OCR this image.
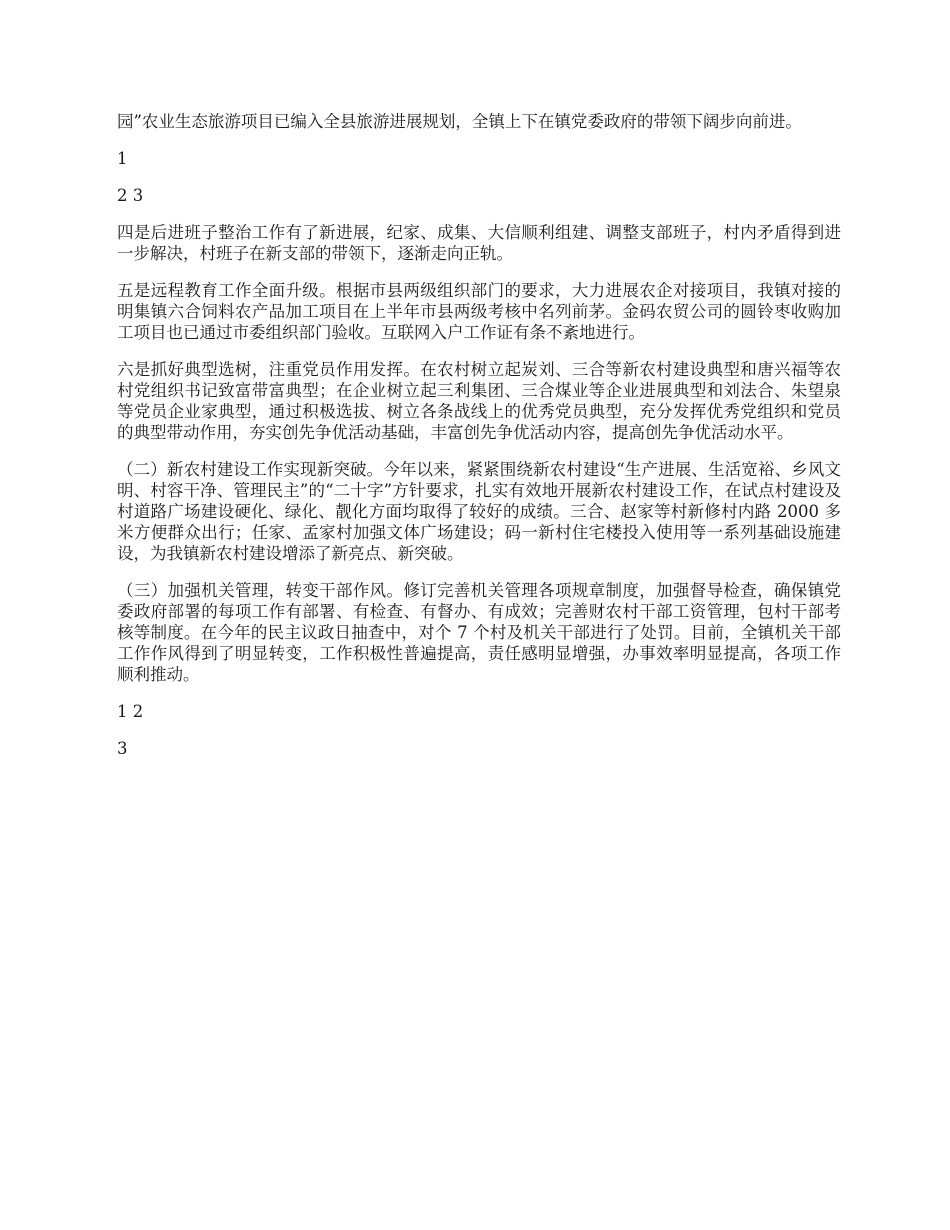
园”农业生态旅游项目已编入全县旅游进展规划，全镇上下在镇党委政府的带领下阔步向前进。

1

2 3

四是后进班子整治工作有了新进展，纪家、成集、大信顺利组建、调整支部班子，村内矛盾得到进一步解决，村班子在新支部的带领下，逐渐走向正轨。

五是远程教育工作全面升级。根据市县两级组织部门的要求，大力进展农企对接项目，我镇对接的明集镇六合饲料农产品加工项目在上半年市县两级考核中名列前茅。金码农贸公司的圆铃枣收购加工项目也已通过市委组织部门验收。互联网入户工作证有条不紊地进行。

六是抓好典型选树，注重党员作用发挥。在农村树立起炭刘、三合等新农村建设典型和唐兴福等农村党组织书记致富带富典型；在企业树立起三利集团、三合煤业等企业进展典型和刘法合、朱望泉等党员企业家典型，通过积极选拔、树立各条战线上的优秀党员典型，充分发挥优秀党组织和党员的典型带动作用，夯实创先争优活动基础，丰富创先争优活动内容，提高创先争优活动水平。

（二）新农村建设工作实现新突破。今年以来，紧紧围绕新农村建设“生产进展、生活宽裕、乡风文明、村容干净、管理民主”的“二十字”方针要求，扎实有效地开展新农村建设工作，在试点村建设及村道路广场建设硬化、绿化、靓化方面均取得了较好的成绩。三合、赵家等村新修村内路 2000 多米方便群众出行；任家、孟家村加强文体广场建设；码一新村住宅楼投入使用等一系列基础设施建设，为我镇新农村建设增添了新亮点、新突破。

（三）加强机关管理，转变干部作风。修订完善机关管理各项规章制度，加强督导检查，确保镇党委政府部署的每项工作有部署、有检查、有督办、有成效；完善财农村干部工资管理，包村干部考核等制度。在今年的民主议政日抽查中，对个 7 个村及机关干部进行了处罚。目前，全镇机关干部工作作风得到了明显转变，工作积极性普遍提高，责任感明显增强，办事效率明显提高，各项工作顺利推动。

1 2

3
